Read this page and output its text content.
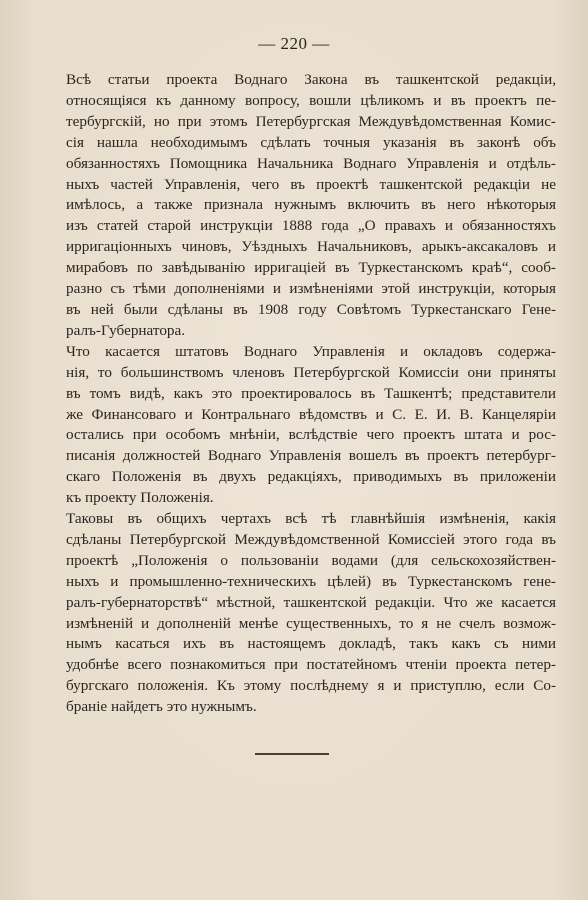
— 220 —
Всѣ статьи проекта Воднаго Закона въ ташкентской редакціи,
относящіяся къ данному вопросу, вошли цѣликомъ и въ проектъ пе-
тербургскій, но при этомъ Петербургская Междувѣдомственная Комис-
сія нашла необходимымъ сдѣлать точныя указанія въ законѣ объ
обязанностяхъ Помощника Начальника Воднаго Управленія и отдѣль-
ныхъ частей Управленія, чего въ проектѣ ташкентской редакціи не
имѣлось, а также признала нужнымъ включить въ него нѣкоторыя
изъ статей старой инструкціи 1888 года „О правахъ и обязанностяхъ
ирригаціонныхъ чиновъ, Уѣздныхъ Начальниковъ, арыкъ-аксакаловъ и
мирабовъ по завѣдыванію ирригаціей въ Туркестанскомъ краѣ“, сооб-
разно съ тѣми дополненіями и измѣненіями этой инструкціи, которыя
въ ней были сдѣланы въ 1908 году Совѣтомъ Туркестанскаго Гене-
ралъ-Губернатора.
Что касается штатовъ Воднаго Управленія и окладовъ содержа-
нія, то большинствомъ членовъ Петербургской Комиссіи они приняты
въ томъ видѣ, какъ это проектировалось въ Ташкентѣ; представители
же Финансоваго и Контральнаго вѣдомствъ и С. Е. И. В. Канцеляріи
остались при особомъ мнѣніи, вслѣдствіе чего проектъ штата и рос-
писанія должностей Воднаго Управленія вошелъ въ проектъ петербург-
скаго Положенія въ двухъ редакціяхъ, приводимыхъ въ приложеніи
къ проекту Положенія.
Таковы въ общихъ чертахъ всѣ тѣ главнѣйшія измѣненія, какія
сдѣланы Петербургской Междувѣдомственной Комиссіей этого года въ
проектѣ „Положенія о пользованіи водами (для сельскохозяйствен-
ныхъ и промышленно-техническихъ цѣлей) въ Туркестанскомъ гене-
ралъ-губернаторствѣ“ мѣстной, ташкентской редакціи. Что же касается
измѣненій и дополненій менѣе существенныхъ, то я не счелъ возмож-
нымъ касаться ихъ въ настоящемъ докладѣ, такъ какъ съ ними
удобнѣе всего познакомиться при постатейномъ чтеніи проекта петер-
бургскаго положенія. Къ этому послѣднему я и приступлю, если Со-
браніе найдетъ это нужнымъ.
